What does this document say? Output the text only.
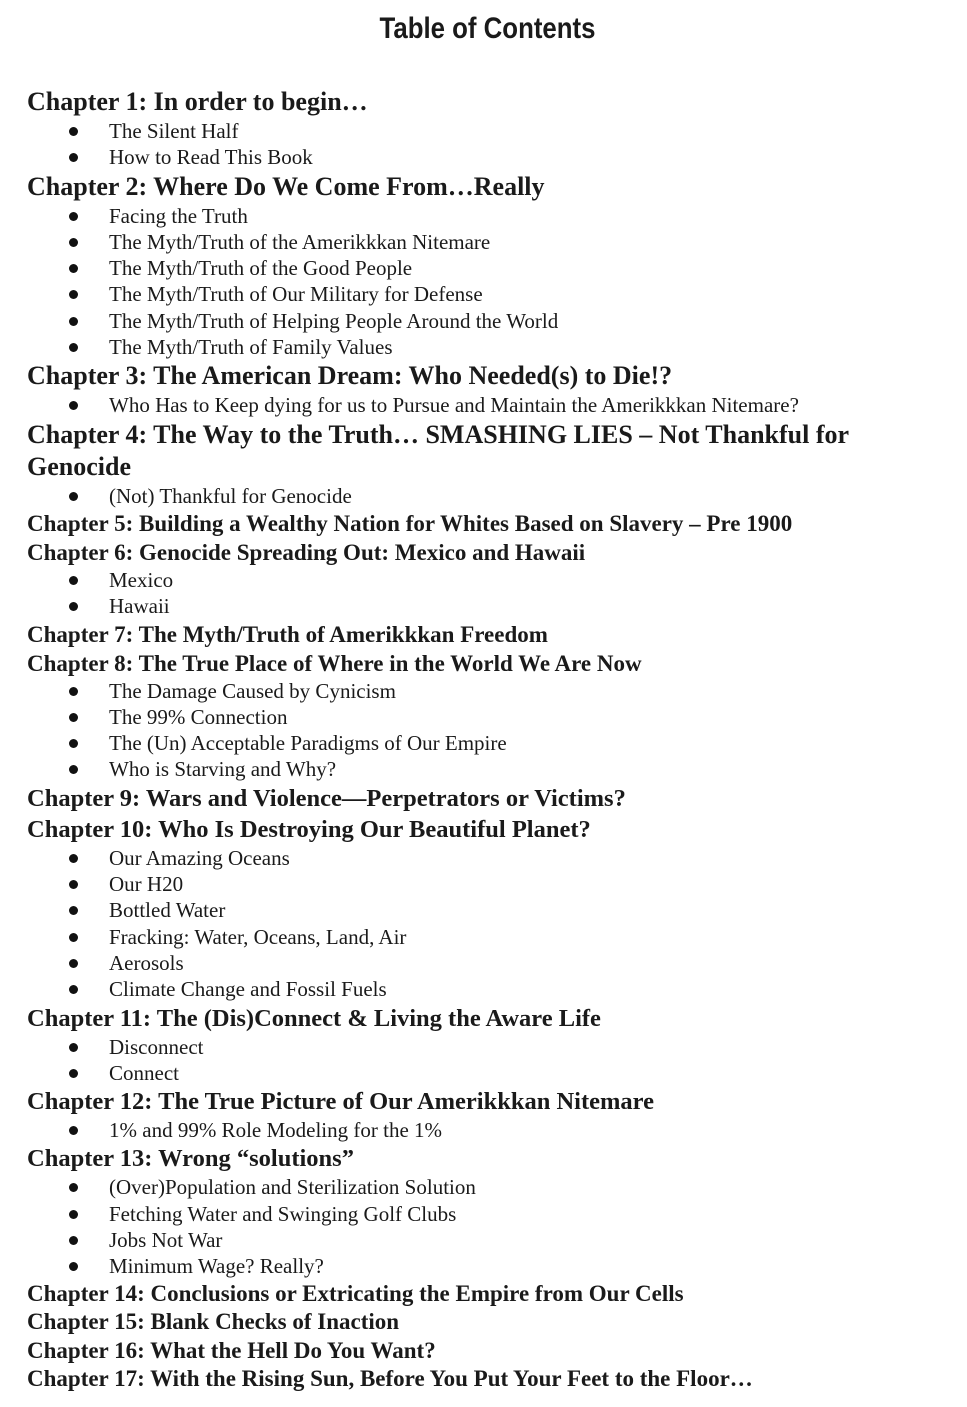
Table of Contents
Chapter 1: In order to begin…
The Silent Half
How to Read This Book
Chapter 2: Where Do We Come From…Really
Facing the Truth
The Myth/Truth of the Amerikkkan Nitemare
The Myth/Truth of the Good People
The Myth/Truth of Our Military for Defense
The Myth/Truth of Helping People Around the World
The Myth/Truth of Family Values
Chapter 3: The American Dream: Who Needed(s) to Die!?
Who Has to Keep dying for us to Pursue and Maintain the Amerikkkan Nitemare?
Chapter 4: The Way to the Truth… SMASHING LIES – Not Thankful for Genocide
(Not) Thankful for Genocide
Chapter 5: Building a Wealthy Nation for Whites Based on Slavery – Pre 1900
Chapter 6: Genocide Spreading Out: Mexico and Hawaii
Mexico
Hawaii
Chapter 7: The Myth/Truth of Amerikkkan Freedom
Chapter 8: The True Place of Where in the World We Are Now
The Damage Caused by Cynicism
The 99% Connection
The (Un) Acceptable Paradigms of Our Empire
Who is Starving and Why?
Chapter 9: Wars and Violence—Perpetrators or Victims?
Chapter 10: Who Is Destroying Our Beautiful Planet?
Our Amazing Oceans
Our H20
Bottled Water
Fracking: Water, Oceans, Land, Air
Aerosols
Climate Change and Fossil Fuels
Chapter 11: The (Dis)Connect & Living the Aware Life
Disconnect
Connect
Chapter 12: The True Picture of Our Amerikkkan Nitemare
1% and 99% Role Modeling for the 1%
Chapter 13: Wrong “solutions”
(Over)Population and Sterilization Solution
Fetching Water and Swinging Golf Clubs
Jobs Not War
Minimum Wage? Really?
Chapter 14: Conclusions or Extricating the Empire from Our Cells
Chapter 15: Blank Checks of Inaction
Chapter 16: What the Hell Do You Want?
Chapter 17: With the Rising Sun, Before You Put Your Feet to the Floor…
